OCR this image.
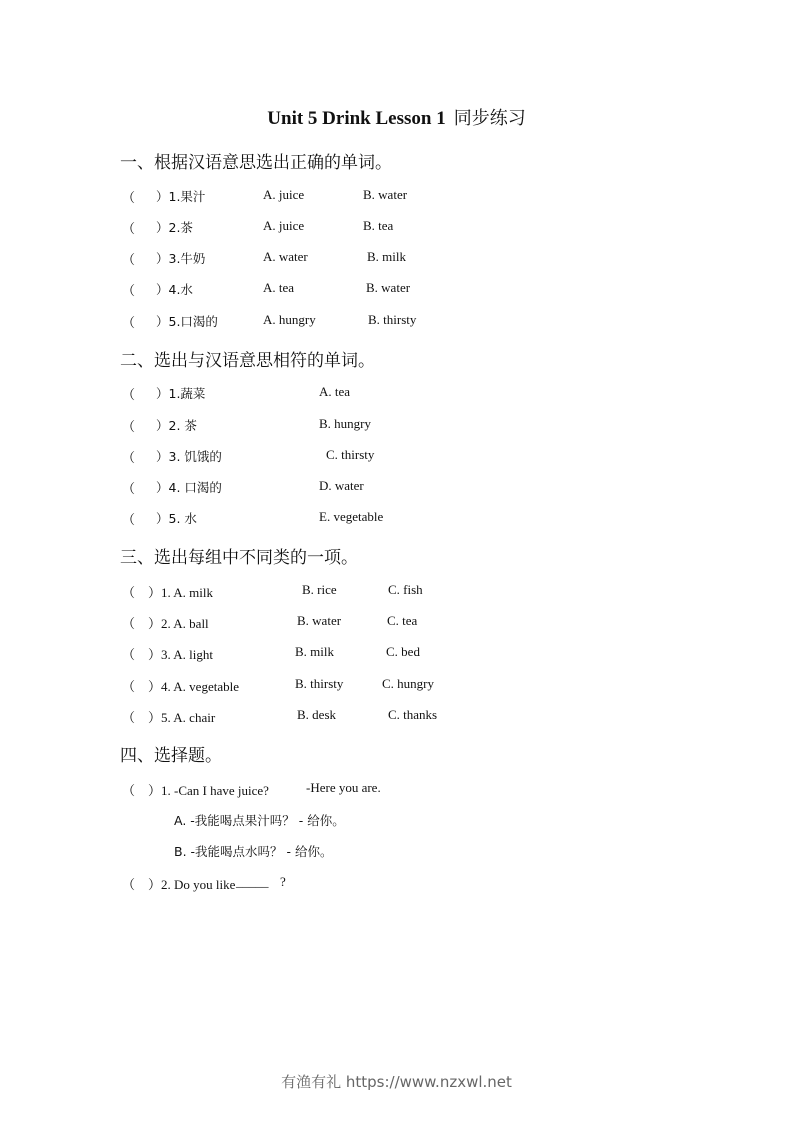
Unit 5 Drink Lesson 1 同步练习
一、根据汉语意思选出正确的单词。
（ ）1.果汁	A. juice	B. water
（ ）2.茶	A. juice	B. tea
（ ）3.牛奶	A. water	B. milk
（ ）4.水	A. tea	B. water
（ ）5.口渴的	A. hungry	B. thirsty
二、选出与汉语意思相符的单词。
（ ）1.蔬菜	A. tea
（ ）2. 茶	B. hungry
（ ）3. 饥饿的	C. thirsty
（ ）4. 口渴的	D. water
（ ）5. 水	E. vegetable
三、选出每组中不同类的一项。
（ ）1. A. milk	B. rice	C. fish
（ ）2. A. ball	B. water	C. tea
（ ）3. A. light	B. milk	C. bed
（ ）4. A. vegetable	B. thirsty	C. hungry
（ ）5. A. chair	B. desk	C. thanks
四、选择题。
（ ）1. -Can I have juice?	-Here you are.
A. -我能喝点果汁吗？ - 给你。
B. -我能喝点水吗？ - 给你。
（ ）2. Do you like _____ ?
有渔有礼 https://www.nzxwl.net
